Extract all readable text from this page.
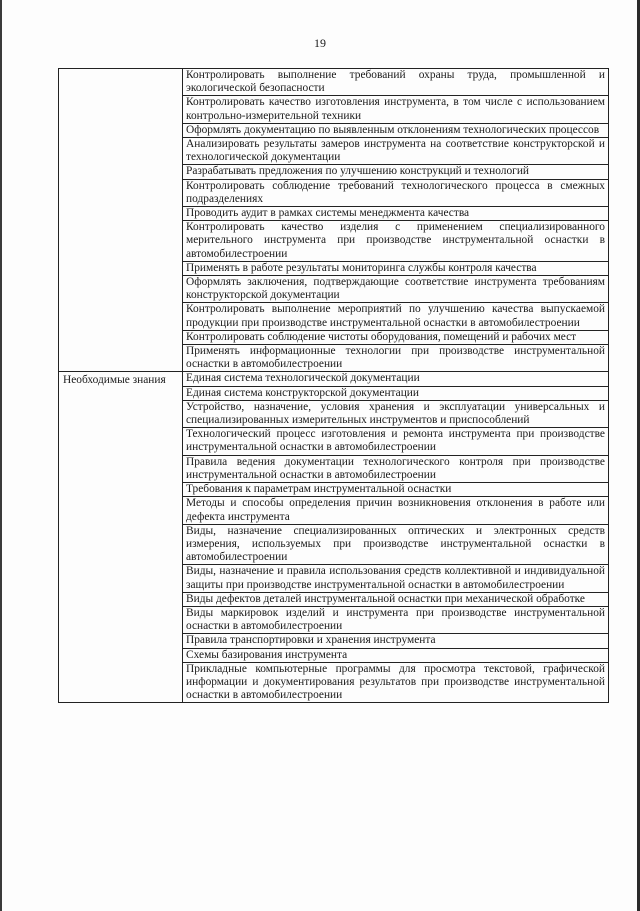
19
	Контролировать выполнение требований охраны труда, промышленной и экологической безопасности
	Контролировать качество изготовления инструмента, в том числе с использованием контрольно-измерительной техники
	Оформлять документацию по выявленным отклонениям технологических процессов
	Анализировать результаты замеров инструмента на соответствие конструкторской и технологической документации
	Разрабатывать предложения по улучшению конструкций и технологий
	Контролировать соблюдение требований технологического процесса в смежных подразделениях
	Проводить аудит в рамках системы менеджмента качества
	Контролировать качество изделия с применением специализированного мерительного инструмента при производстве инструментальной оснастки в автомобилестроении
	Применять в работе результаты мониторинга службы контроля качества
	Оформлять заключения, подтверждающие соответствие инструмента требованиям конструкторской документации
	Контролировать выполнение мероприятий по улучшению качества выпускаемой продукции при производстве инструментальной оснастки в автомобилестроении
	Контролировать соблюдение чистоты оборудования, помещений и рабочих мест
	Применять информационные технологии при производстве инструментальной оснастки в автомобилестроении
Необходимые знания	Единая система технологической документации
	Единая система конструкторской документации
	Устройство, назначение, условия хранения и эксплуатации универсальных и специализированных измерительных инструментов и приспособлений
	Технологический процесс изготовления и ремонта инструмента при производстве инструментальной оснастки в автомобилестроении
	Правила ведения документации технологического контроля при производстве инструментальной оснастки в автомобилестроении
	Требования к параметрам инструментальной оснастки
	Методы и способы определения причин возникновения отклонения в работе или дефекта инструмента
	Виды, назначение специализированных оптических и электронных средств измерения, используемых при производстве инструментальной оснастки в автомобилестроении
	Виды, назначение и правила использования средств коллективной и индивидуальной защиты при производстве инструментальной оснастки в автомобилестроении
	Виды дефектов деталей инструментальной оснастки при механической обработке
	Виды маркировок изделий и инструмента при производстве инструментальной оснастки в автомобилестроении
	Правила транспортировки и хранения инструмента
	Схемы базирования инструмента
	Прикладные компьютерные программы для просмотра текстовой, графической информации и документирования результатов при производстве инструментальной оснастки в автомобилестроении
